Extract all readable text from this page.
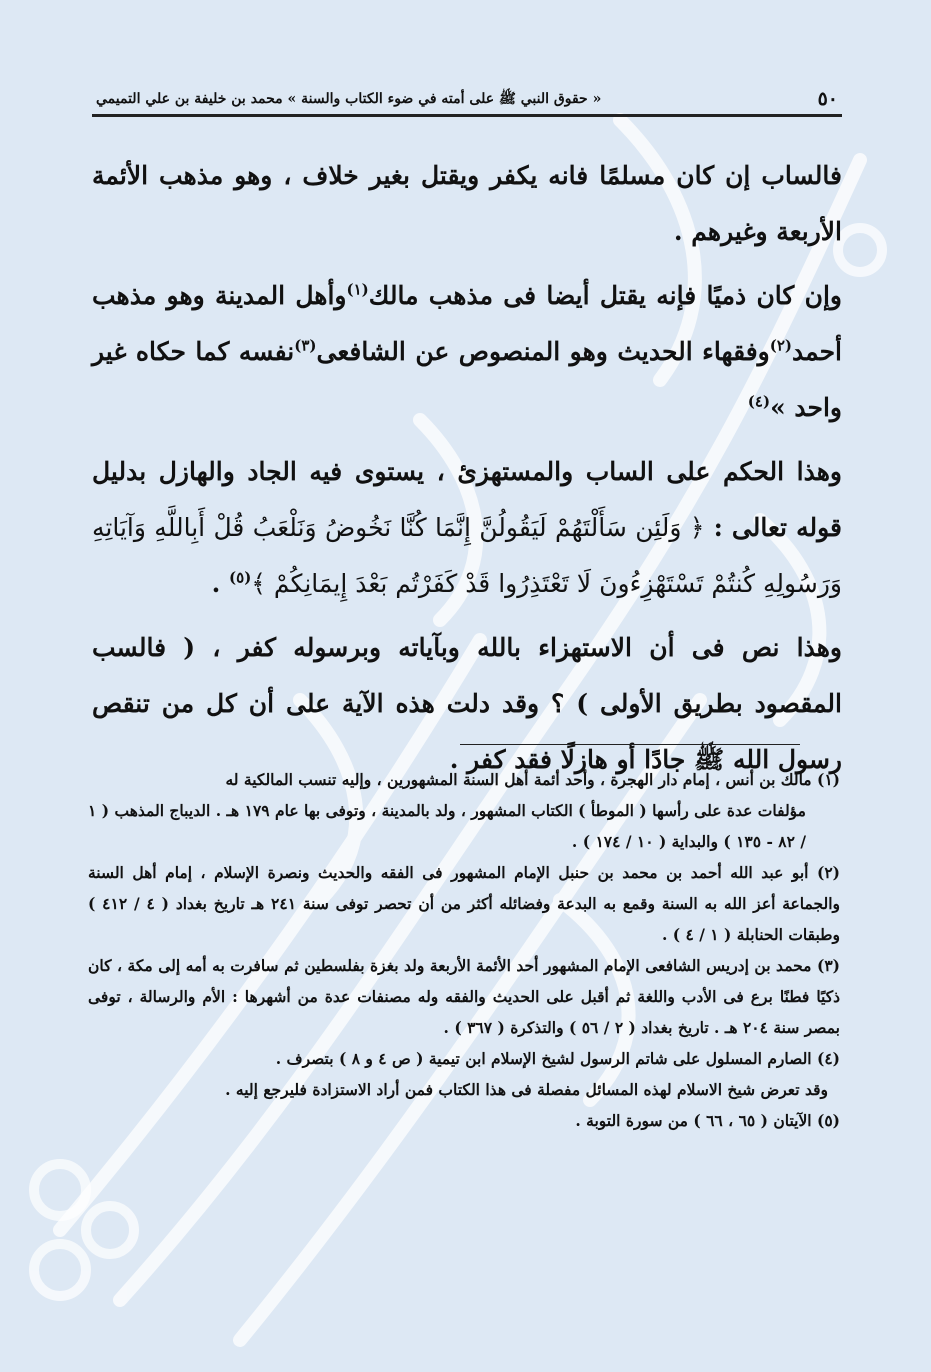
٥٠
« حقوق النبي ﷺ على أمته في ضوء الكتاب والسنة » محمد بن خليفة بن علي التميمي

فالساب إن كان مسلمًا فانه يكفر ويقتل بغير خلاف ، وهو مذهب الأئمة الأربعة وغيرهم .

وإن كان ذميًا فإنه يقتل أيضا فى مذهب مالك$^{(١)}$وأهل المدينة وهو مذهب أحمد$^{(٢)}$وفقهاء الحديث وهو المنصوص عن الشافعى$^{(٣)}$نفسه كما حكاه غير واحد »$^{(٤)}$

وهذا الحكم على الساب والمستهزئ ، يستوى فيه الجاد والهازل بدليل قوله تعالى : ﴿ وَلَئِن سَأَلْتَهُمْ لَيَقُولُنَّ إِنَّمَا كُنَّا نَخُوضُ وَنَلْعَبُ قُلْ أَبِاللَّهِ وَآيَاتِهِ وَرَسُولِهِ كُنتُمْ تَسْتَهْزِءُونَ لَا تَعْتَذِرُوا قَدْ كَفَرْتُم بَعْدَ إِيمَانِكُمْ ﴾$^{(٥)}$ .

وهذا نص فى أن الاستهزاء بالله وبآياته وبرسوله كفر ، ( فالسب المقصود بطريق الأولى ) ؟ وقد دلت هذه الآية على أن كل من تنقص رسول الله ﷺ جادًا أو هازلًا فقد كفر .

(١) مالك بن أنس ، إمام دار الهجرة ، وأحد أئمة أهل السنة المشهورين ، وإليه تنسب المالكية له

مؤلفات عدة على رأسها ( الموطأ ) الكتاب المشهور ، ولد بالمدينة ، وتوفى بها عام ١٧٩ هـ . الديباج المذهب ( ١ / ٨٢ - ١٣٥ ) والبداية ( ١٠ / ١٧٤ ) .

(٢) أبو عبد الله أحمد بن محمد بن حنبل الإمام المشهور فى الفقه والحديث ونصرة الإسلام ، إمام أهل السنة والجماعة أعز الله به السنة وقمع به البدعة وفضائله أكثر من أن تحصر توفى سنة ٢٤١ هـ تاريخ بغداد ( ٤ / ٤١٢ ) وطبقات الحنابلة ( ١ / ٤ ) .

(٣) محمد بن إدريس الشافعى الإمام المشهور أحد الأئمة الأربعة ولد بغزة بفلسطين ثم سافرت به أمه إلى مكة ، كان ذكيًا فطنًا برع فى الأدب واللغة ثم أقبل على الحديث والفقه وله مصنفات عدة من أشهرها : الأم والرسالة ، توفى بمصر سنة ٢٠٤ هـ . تاريخ بغداد ( ٢ / ٥٦ ) والتذكرة ( ٣٦٧ ) .

(٤) الصارم المسلول على شاتم الرسول لشيخ الإسلام ابن تيمية ( ص ٤ و ٨ ) بتصرف .

وقد تعرض شيخ الاسلام لهذه المسائل مفصلة فى هذا الكتاب فمن أراد الاستزادة فليرجع إليه .

(٥) الآيتان ( ٦٥ ، ٦٦ ) من سورة التوبة .
